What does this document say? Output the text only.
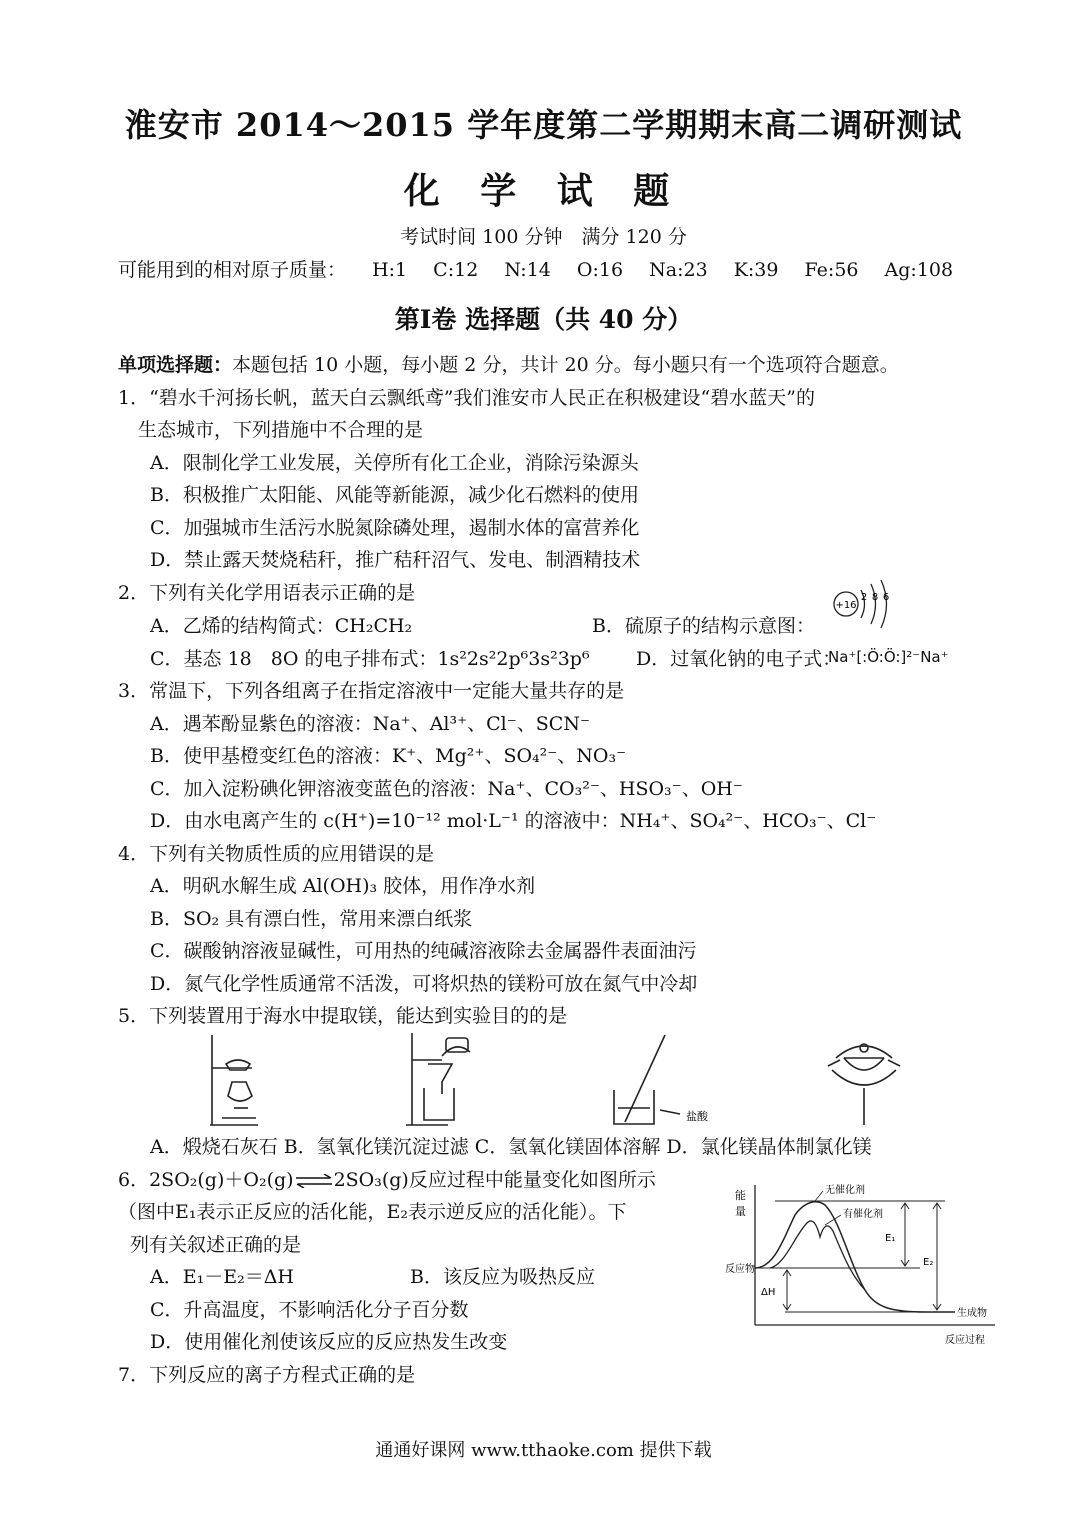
淮安市 2014～2015 学年度第二学期期末高二调研测试
化 学 试 题
考试时间 100 分钟　满分 120 分
可能用到的相对原子质量： H:1 C:12 N:14 O:16 Na:23 K:39 Fe:56 Ag:108
第Ⅰ卷 选择题（共 40 分）
单项选择题：本题包括 10 小题，每小题 2 分，共计 20 分。每小题只有一个选项符合题意。
1．“碧水千河扬长帆，蓝天白云飘纸鸢”我们淮安市人民正在积极建设“碧水蓝天”的
生态城市，下列措施中不合理的是
A．限制化学工业发展，关停所有化工企业，消除污染源头
B．积极推广太阳能、风能等新能源，减少化石燃料的使用
C．加强城市生活污水脱氮除磷处理，遏制水体的富营养化
D．禁止露天焚烧秸秆，推广秸秆沼气、发电、制酒精技术
2．下列有关化学用语表示正确的是
A．乙烯的结构简式：CH₂CH₂	B．硫原子的结构示意图：
+16
2 8 6
C．基态 18　8O 的电子排布式：1s²2s²2p⁶3s²3p⁶ D．过氧化钠的电子式：
Na⁺[:Ö:Ö:]²⁻Na⁺
3．常温下，下列各组离子在指定溶液中一定能大量共存的是
A．遇苯酚显紫色的溶液：Na⁺、Al³⁺、Cl⁻、SCN⁻
B．使甲基橙变红色的溶液：K⁺、Mg²⁺、SO₄²⁻、NO₃⁻
C．加入淀粉碘化钾溶液变蓝色的溶液：Na⁺、CO₃²⁻、HSO₃⁻、OH⁻
D．由水电离产生的 c(H⁺)=10⁻¹² mol·L⁻¹ 的溶液中：NH₄⁺、SO₄²⁻、HCO₃⁻、Cl⁻
4．下列有关物质性质的应用错误的是
A．明矾水解生成 Al(OH)₃ 胶体，用作净水剂
B．SO₂ 具有漂白性，常用来漂白纸浆
C．碳酸钠溶液显碱性，可用热的纯碱溶液除去金属器件表面油污
D．氮气化学性质通常不活泼，可将炽热的镁粉可放在氮气中冷却
5．下列装置用于海水中提取镁，能达到实验目的的是
盐酸
A．煅烧石灰石 B．氢氧化镁沉淀过滤 C．氢氧化镁固体溶解 D．氯化镁晶体制氯化镁
6．2SO₂(g)＋O₂(g)⇌2SO₃(g)反应过程中能量变化如图所示
（图中E₁表示正反应的活化能，E₂表示逆反应的活化能）。下
列有关叙述正确的是
A．E₁－E₂＝ΔH	B．该反应为吸热反应
C．升高温度，不影响活化分子百分数
D．使用催化剂使该反应的反应热发生改变
能
量
反应过程
无催化剂
有催化剂
反应物
生成物
E₁
E₂
ΔH
7．下列反应的离子方程式正确的是
通通好课网 www.tthaoke.com 提供下载
